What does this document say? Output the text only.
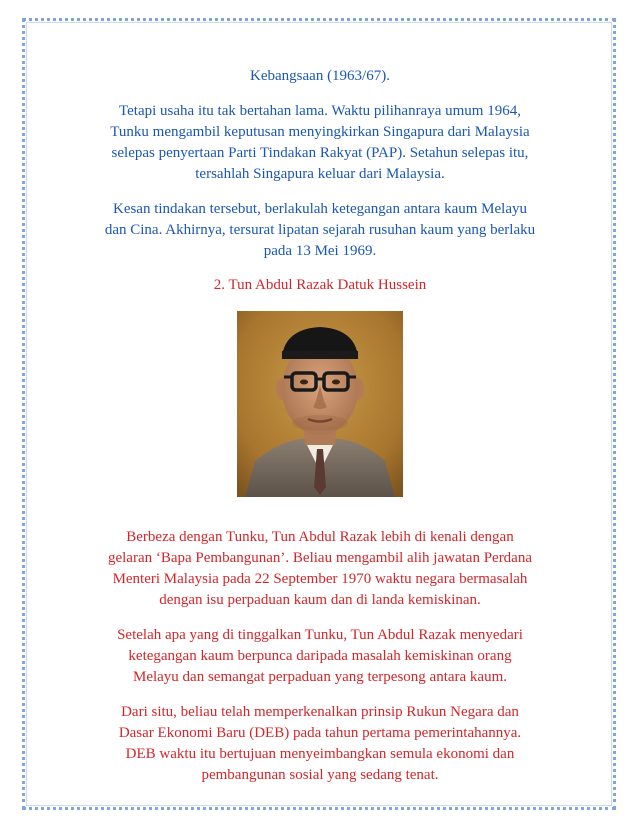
Kebangsaan (1963/67).

Tetapi usaha itu tak bertahan lama. Waktu pilihanraya umum 1964,
Tunku mengambil keputusan menyingkirkan Singapura dari Malaysia
selepas penyertaan Parti Tindakan Rakyat (PAP). Setahun selepas itu,
tersahlah Singapura keluar dari Malaysia.

Kesan tindakan tersebut, berlakulah ketegangan antara kaum Melayu
dan Cina. Akhirnya, tersurat lipatan sejarah rusuhan kaum yang berlaku
pada 13 Mei 1969.

2. Tun Abdul Razak Datuk Hussein

Berbeza dengan Tunku, Tun Abdul Razak lebih di kenali dengan
gelaran ‘Bapa Pembangunan’. Beliau mengambil alih jawatan Perdana
Menteri Malaysia pada 22 September 1970 waktu negara bermasalah
dengan isu perpaduan kaum dan di landa kemiskinan.

Setelah apa yang di tinggalkan Tunku, Tun Abdul Razak menyedari
ketegangan kaum berpunca daripada masalah kemiskinan orang
Melayu dan semangat perpaduan yang terpesong antara kaum.

Dari situ, beliau telah memperkenalkan prinsip Rukun Negara dan
Dasar Ekonomi Baru (DEB) pada tahun pertama pemerintahannya.
DEB waktu itu bertujuan menyeimbangkan semula ekonomi dan
pembangunan sosial yang sedang tenat.
